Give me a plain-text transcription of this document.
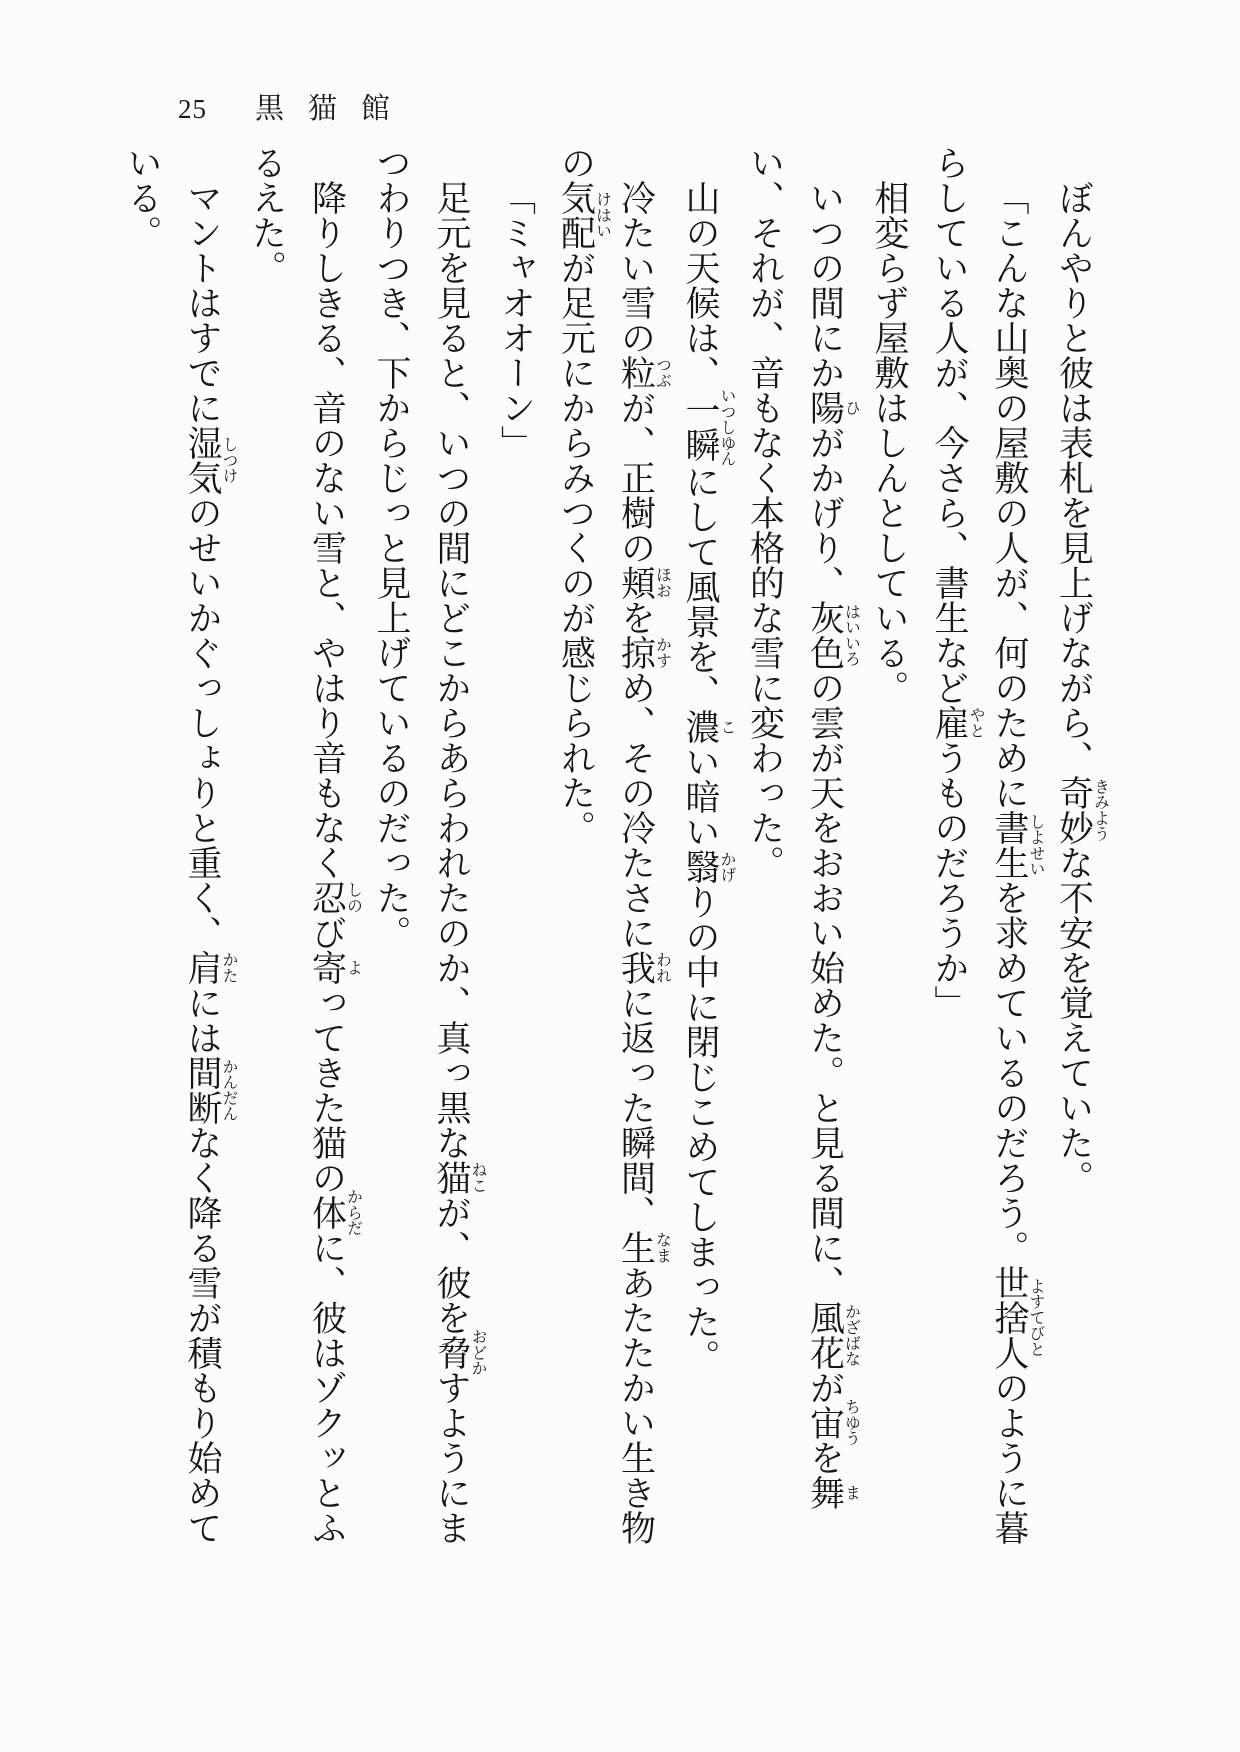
25 黒猫館

ぼんやりと彼は表札を見上げながら、奇妙きみような不安を覚えていた。

「こんな山奥の屋敷の人が、何のために書生しよせいを求めているのだろう。世捨人よすてびとのように暮らしている人が、今さら、書生など雇やとうものだろうか」

相変らず屋敷はしんとしている。

いつの間にか陽ひがかげり、灰色はいいろの雲が天をおおい始めた。と見る間に、風花かざばなが宙ちゆうを舞まい、それが、音もなく本格的な雪に変わった。

山の天候は、一瞬いつしゆんにして風景を、濃こい暗い翳かげりの中に閉じこめてしまった。

冷たい雪の粒つぶが、正樹の頬ほおを掠かすめ、その冷たさに我われに返った瞬間、生なまあたたかい生き物の気配けはいが足元にからみつくのが感じられた。

「ミャオオーン」

足元を見ると、いつの間にどこからあらわれたのか、真っ黒な猫ねこが、彼を脅おどかすようにまつわりつき、下からじっと見上げているのだった。

降りしきる、音のない雪と、やはり音もなく忍しのび寄よってきた猫の体からだに、彼はゾクッとふるえた。

マントはすでに湿気しつけのせいかぐっしょりと重く、肩かたには間断かんだんなく降る雪が積もり始めている。
